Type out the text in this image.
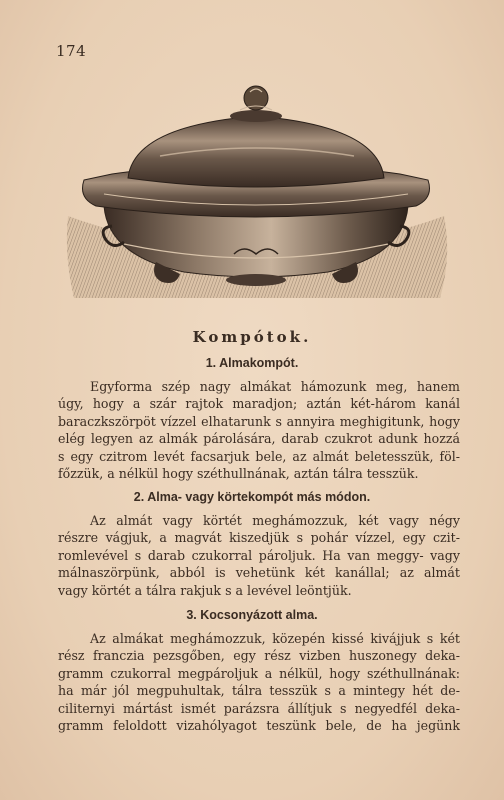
174
Kompótok.
1. Almakompót.
Egyforma szép nagy almákat hámozunk meg, hanem
úgy, hogy a szár rajtok maradjon; aztán két-három kanál
baraczkszörpöt vízzel elhatarunk s annyira meghigitunk, hogy
elég legyen az almák párolására, darab czukrot adunk hozzá
s egy czitrom levét facsarjuk bele, az almát beletesszük, föl-
főzzük, a nélkül hogy széthullnának, aztán tálra tesszük.
2. Alma- vagy körtekompót más módon.
Az almát vagy körtét meghámozzuk, két vagy négy
részre vágjuk, a magvát kiszedjük s pohár vízzel, egy czit-
romlevével s darab czukorral pároljuk. Ha van meggy- vagy
málnaszörpünk, abból is vehetünk két kanállal; az almát
vagy körtét a tálra rakjuk s a levével leöntjük.
3. Kocsonyázott alma.
Az almákat meghámozzuk, közepén kissé kivájjuk s két
rész franczia pezsgőben, egy rész vizben huszonegy deka-
gramm czukorral megpároljuk a nélkül, hogy széthullnának:
ha már jól megpuhultak, tálra tesszük s a mintegy hét de-
ciliternyi mártást ismét parázsra állítjuk s negyedfél deka-
gramm feloldott vizahólyagot teszünk bele, de ha jegünk
